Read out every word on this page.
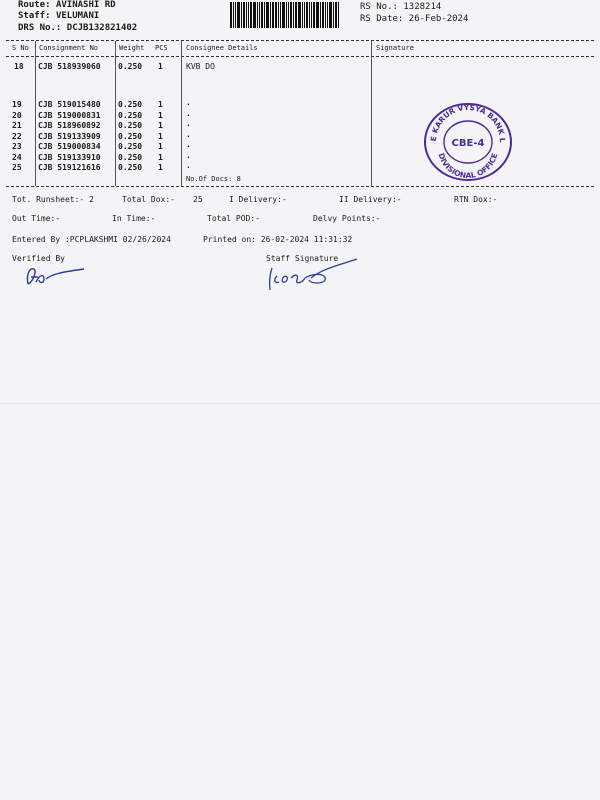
Route: AVINASHI RD
Staff: VELUMANI
DRS No.: DCJB132821402
RS No.: 1328214
RS Date: 26-Feb-2024
S No Consignment No	Weight PCS	Consignee Details	Signature
18 CJB 518939060 0.250 1	KVB DO
19 CJB 519015480 0.250 1	.
20 CJB 519000831 0.250 1	.
21 CJB 518960892 0.250 1	.
22 CJB 519133909 0.250 1	.
23 CJB 519000834 0.250 1	.
24 CJB 519133910 0.250 1	.
25 CJB 519121616 0.250 1	.
No.Of Docs: 8
Tot. Runsheet:- 2	Total Dox:- 25	I Delivery:-	II Delivery:-	RTN Dox:-
Out Time:-	In Time:-	Total POD:-	Delvy Points:-
Entered By :PCPLAKSHMI 02/26/2024	Printed on: 26-02-2024 11:31:32
Verified By	Staff Signature
E KARUR VYSYA BANK L
DIVISIONAL OFFICE
CBE-4
